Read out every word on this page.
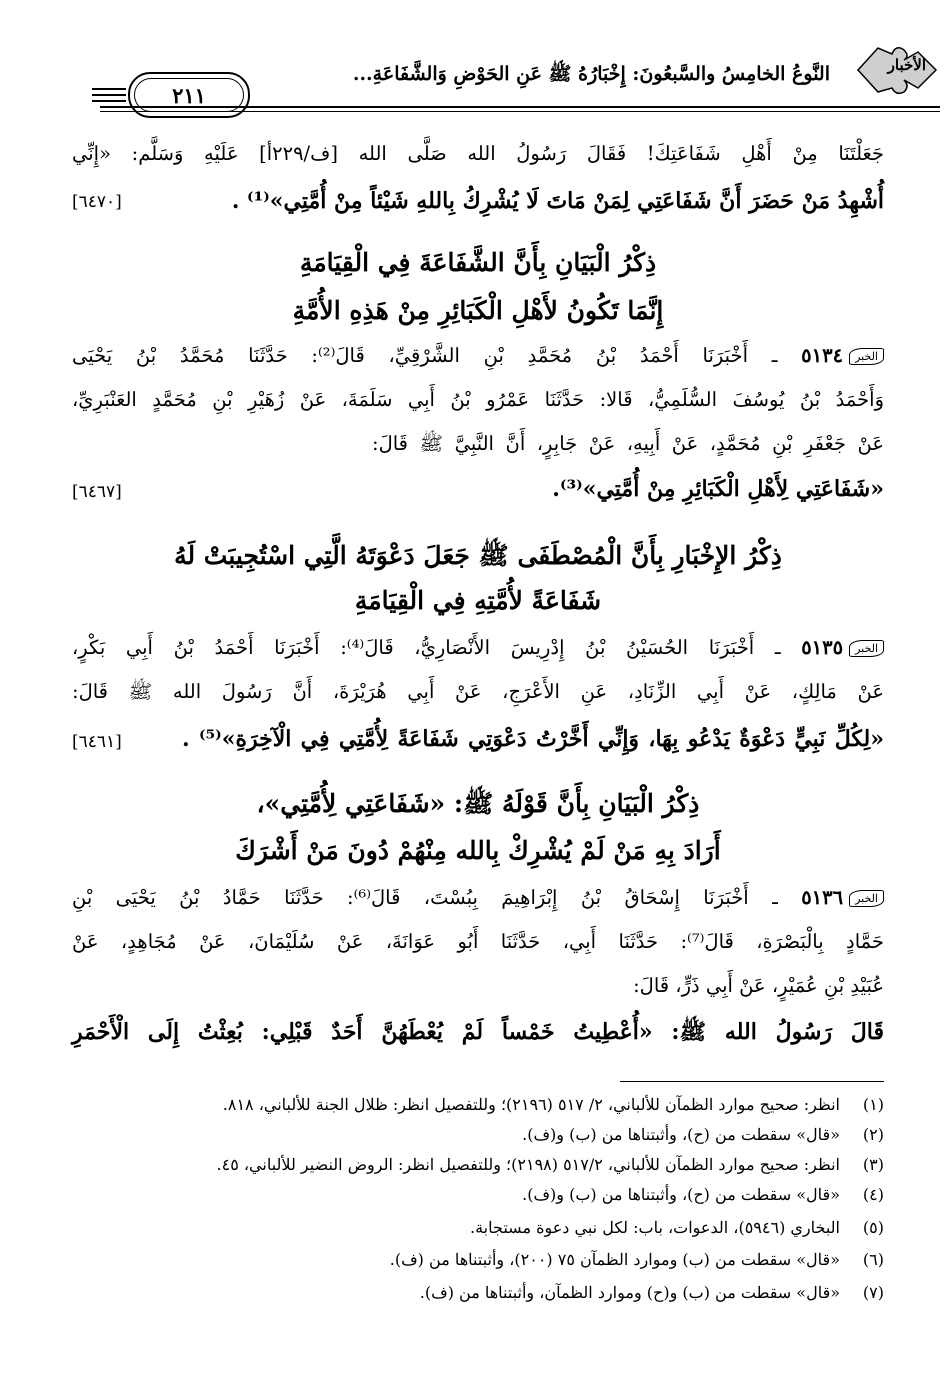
٢١١
النَّوعُ الخامِسُ والسَّبعُونَ: إِخْبَارُهُ ﷺ عَنِ الحَوْضِ وَالشَّفَاعَةِ...	الأخبار
جَعَلْتَنَا مِنْ أَهْلِ شَفَاعَتِكَ! فَقَالَ رَسُولُ الله صَلَّى الله [ف/٢٢٩أ] عَلَيْهِ وَسَلَّم: «إِنِّي
أُشْهِدُ مَنْ حَضَرَ أَنَّ شَفَاعَتِي لِمَنْ مَاتَ لَا يُشْرِكُ بِاللهِ شَيْئاً مِنْ أُمَّتِي»⁽¹⁾ .
[٦٤٧٠]
ذِكْرُ الْبَيَانِ بِأَنَّ الشَّفَاعَةَ فِي الْقِيَامَةِ
إِنَّمَا تَكُونُ لأَهْلِ الْكَبَائِرِ مِنْ هَذِهِ الأُمَّةِ
الخبر٥١٣٤ ـ أَخْبَرَنَا أَحْمَدُ بْنُ مُحَمَّدِ بْنِ الشَّرْقِيِّ، قَالَ⁽²⁾: حَدَّثَنَا مُحَمَّدُ بْنُ يَحْيَى
وَأَحْمَدُ بْنُ يُوسُفَ السُّلَمِيُّ، قَالا: حَدَّثَنَا عَمْرُو بْنُ أَبِي سَلَمَةَ، عَنْ زُهَيْرِ بْنِ مُحَمَّدٍ العَنْبَرِيِّ،
عَنْ جَعْفَرِ بْنِ مُحَمَّدٍ، عَنْ أَبِيهِ، عَنْ جَابِرٍ، أَنَّ النَّبِيَّ ﷺ قَالَ:
«شَفَاعَتِي لِأَهْلِ الْكَبَائِرِ مِنْ أُمَّتِي»⁽³⁾.
[٦٤٦٧]
ذِكْرُ الإِخْبَارِ بِأَنَّ الْمُصْطَفَى ﷺ جَعَلَ دَعْوَتَهُ الَّتِي اسْتُجِيبَتْ لَهُ
شَفَاعَةً لأُمَّتِهِ فِي الْقِيَامَةِ
الخبر٥١٣٥ ـ أَخْبَرَنَا الحُسَيْنُ بْنُ إِدْرِيسَ الأَنْصَارِيُّ، قَالَ⁽⁴⁾: أَخْبَرَنَا أَحْمَدُ بْنُ أَبِي بَكْرٍ،
عَنْ مَالِكٍ، عَنْ أَبِي الزِّنَادِ، عَنِ الأَعْرَجِ، عَنْ أَبِي هُرَيْرَةَ، أَنَّ رَسُولَ الله ﷺ قَالَ:
«لِكُلِّ نَبِيٍّ دَعْوَةٌ يَدْعُو بِهَا، وَإِنِّي أَخَّرْتُ دَعْوَتِي شَفَاعَةً لِأُمَّتِي فِي الْآخِرَةِ»⁽⁵⁾ .
[٦٤٦١]
ذِكْرُ الْبَيَانِ بِأَنَّ قَوْلَهُ ﷺ: «شَفَاعَتِي لِأُمَّتِي»،
أَرَادَ بِهِ مَنْ لَمْ يُشْرِكْ بِالله مِنْهُمْ دُونَ مَنْ أَشْرَكَ
الخبر٥١٣٦ ـ أَخْبَرَنَا إِسْحَاقُ بْنُ إِبْرَاهِيمَ بِبُسْتَ، قَالَ⁽⁶⁾: حَدَّثَنَا حَمَّادُ بْنُ يَحْيَى بْنِ
حَمَّادٍ بِالْبَصْرَةِ، قَالَ⁽⁷⁾: حَدَّثَنَا أَبِي، حَدَّثَنَا أَبُو عَوَانَةَ، عَنْ سُلَيْمَانَ، عَنْ مُجَاهِدٍ، عَنْ
عُبَيْدِ بْنِ عُمَيْرٍ، عَنْ أَبِي ذَرٍّ، قَالَ:
قَالَ رَسُولُ الله ﷺ: «أُعْطِيتُ خَمْساً لَمْ يُعْطَهُنَّ أَحَدٌ قَبْلِي: بُعِثْتُ إِلَى الْأَحْمَرِ
(١)انظر: صحيح موارد الظمآن للألباني، ٢/ ٥١٧ (٢١٩٦)؛ وللتفصيل انظر: ظلال الجنة للألباني، ٨١٨.
(٢)«قال» سقطت من (ح)، وأثبتناها من (ب) و(ف).
(٣)انظر: صحيح موارد الظمآن للألباني، ٥١٧/٢ (٢١٩٨)؛ وللتفصيل انظر: الروض النضير للألباني، ٤٥.
(٤)«قال» سقطت من (ح)، وأثبتناها من (ب) و(ف).
(٥)البخاري (٥٩٤٦)، الدعوات، باب: لكل نبي دعوة مستجابة.
(٦)«قال» سقطت من (ب) وموارد الظمآن ٧٥ (٢٠٠)، وأثبتناها من (ف).
(٧)«قال» سقطت من (ب) و(ح) وموارد الظمآن، وأثبتناها من (ف).
